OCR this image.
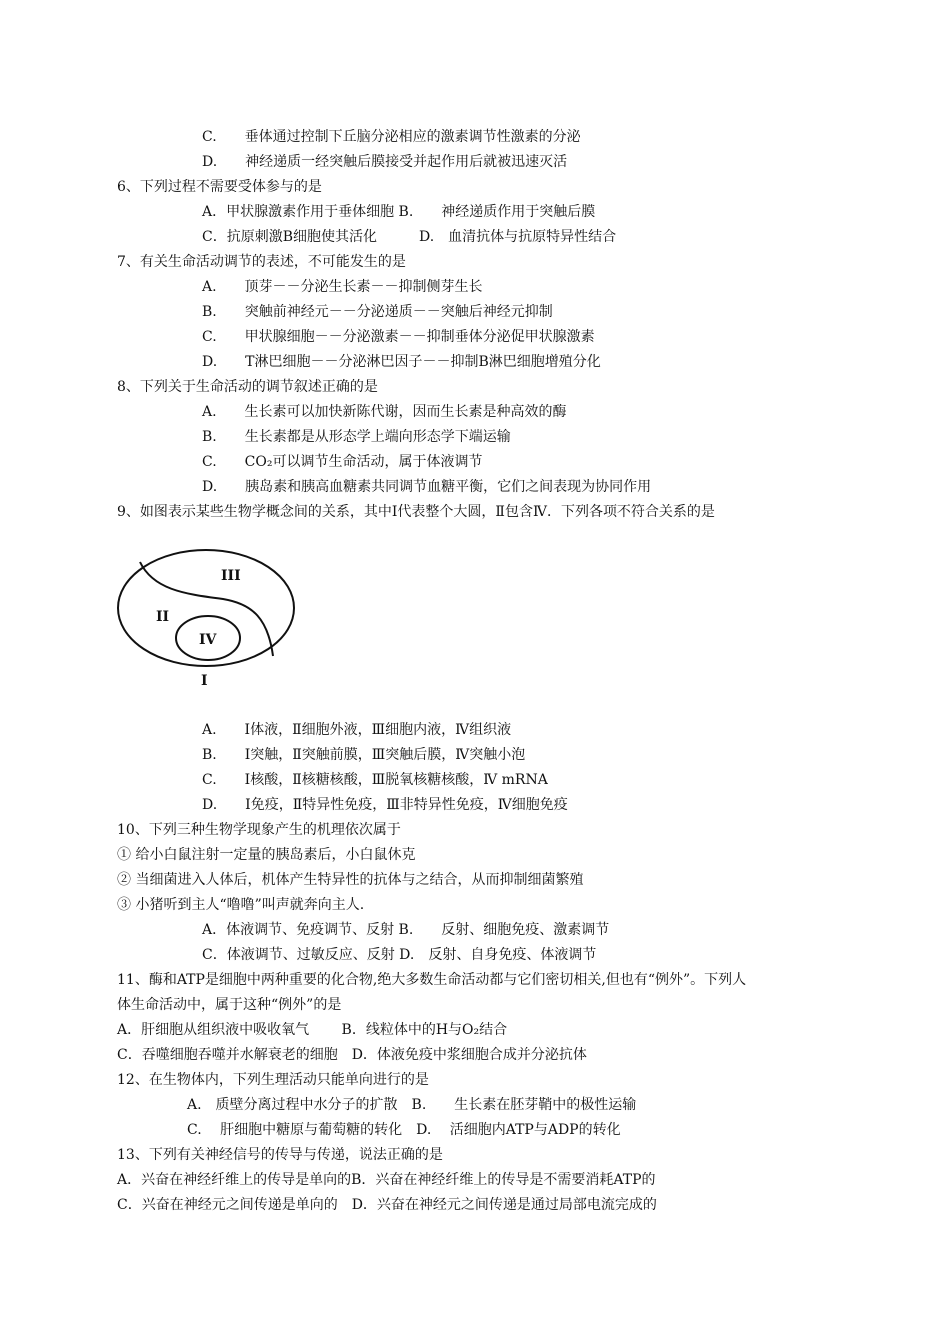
C.　　垂体通过控制下丘脑分泌相应的激素调节性激素的分泌
D.　　神经递质一经突触后膜接受并起作用后就被迅速灭活
6、下列过程不需要受体参与的是
A．甲状腺激素作用于垂体细胞 B.　　神经递质作用于突触后膜
C．抗原刺激B细胞使其活化　　　D.　血清抗体与抗原特异性结合
7、有关生命活动调节的表述，不可能发生的是
A.　　顶芽－－分泌生长素－－抑制侧芽生长
B.　　突触前神经元－－分泌递质－－突触后神经元抑制
C.　　甲状腺细胞－－分泌激素－－抑制垂体分泌促甲状腺激素
D.　　T淋巴细胞－－分泌淋巴因子－－抑制B淋巴细胞增殖分化
8、下列关于生命活动的调节叙述正确的是
A.　　生长素可以加快新陈代谢，因而生长素是种高效的酶
B.　　生长素都是从形态学上端向形态学下端运输
C.　　CO₂可以调节生命活动，属于体液调节
D.　　胰岛素和胰高血糖素共同调节血糖平衡，它们之间表现为协同作用
9、如图表示某些生物学概念间的关系，其中Ⅰ代表整个大圆，Ⅱ包含Ⅳ．下列各项不符合关系的是
III
II
IV
I
A.　　Ⅰ体液，Ⅱ细胞外液，Ⅲ细胞内液，Ⅳ组织液
B.　　Ⅰ突触，Ⅱ突触前膜，Ⅲ突触后膜，Ⅳ突触小泡
C.　　Ⅰ核酸，Ⅱ核糖核酸，Ⅲ脱氧核糖核酸，Ⅳ mRNA
D.　　Ⅰ免疫，Ⅱ特异性免疫，Ⅲ非特异性免疫，Ⅳ细胞免疫
10、下列三种生物学现象产生的机理依次属于
① 给小白鼠注射一定量的胰岛素后，小白鼠休克
② 当细菌进入人体后，机体产生特异性的抗体与之结合，从而抑制细菌繁殖
③ 小猪听到主人“噜噜”叫声就奔向主人.
A．体液调节、免疫调节、反射 B.　　反射、细胞免疫、激素调节
C．体液调节、过敏反应、反射 D.　反射、自身免疫、体液调节
11、酶和ATP是细胞中两种重要的化合物,绝大多数生命活动都与它们密切相关,但也有“例外”。下列人
体生命活动中，属于这种“例外”的是
A．肝细胞从组织液中吸收氧气　　 B．线粒体中的H与O₂结合
C．吞噬细胞吞噬并水解衰老的细胞　D．体液免疫中浆细胞合成并分泌抗体
12、在生物体内，下列生理活动只能单向进行的是
A.　质壁分离过程中水分子的扩散　B.　　生长素在胚芽鞘中的极性运输
C.　 肝细胞中糖原与葡萄糖的转化　D.　 活细胞内ATP与ADP的转化
13、下列有关神经信号的传导与传递，说法正确的是
A．兴奋在神经纤维上的传导是单向的B．兴奋在神经纤维上的传导是不需要消耗ATP的
C．兴奋在神经元之间传递是单向的　D．兴奋在神经元之间传递是通过局部电流完成的
